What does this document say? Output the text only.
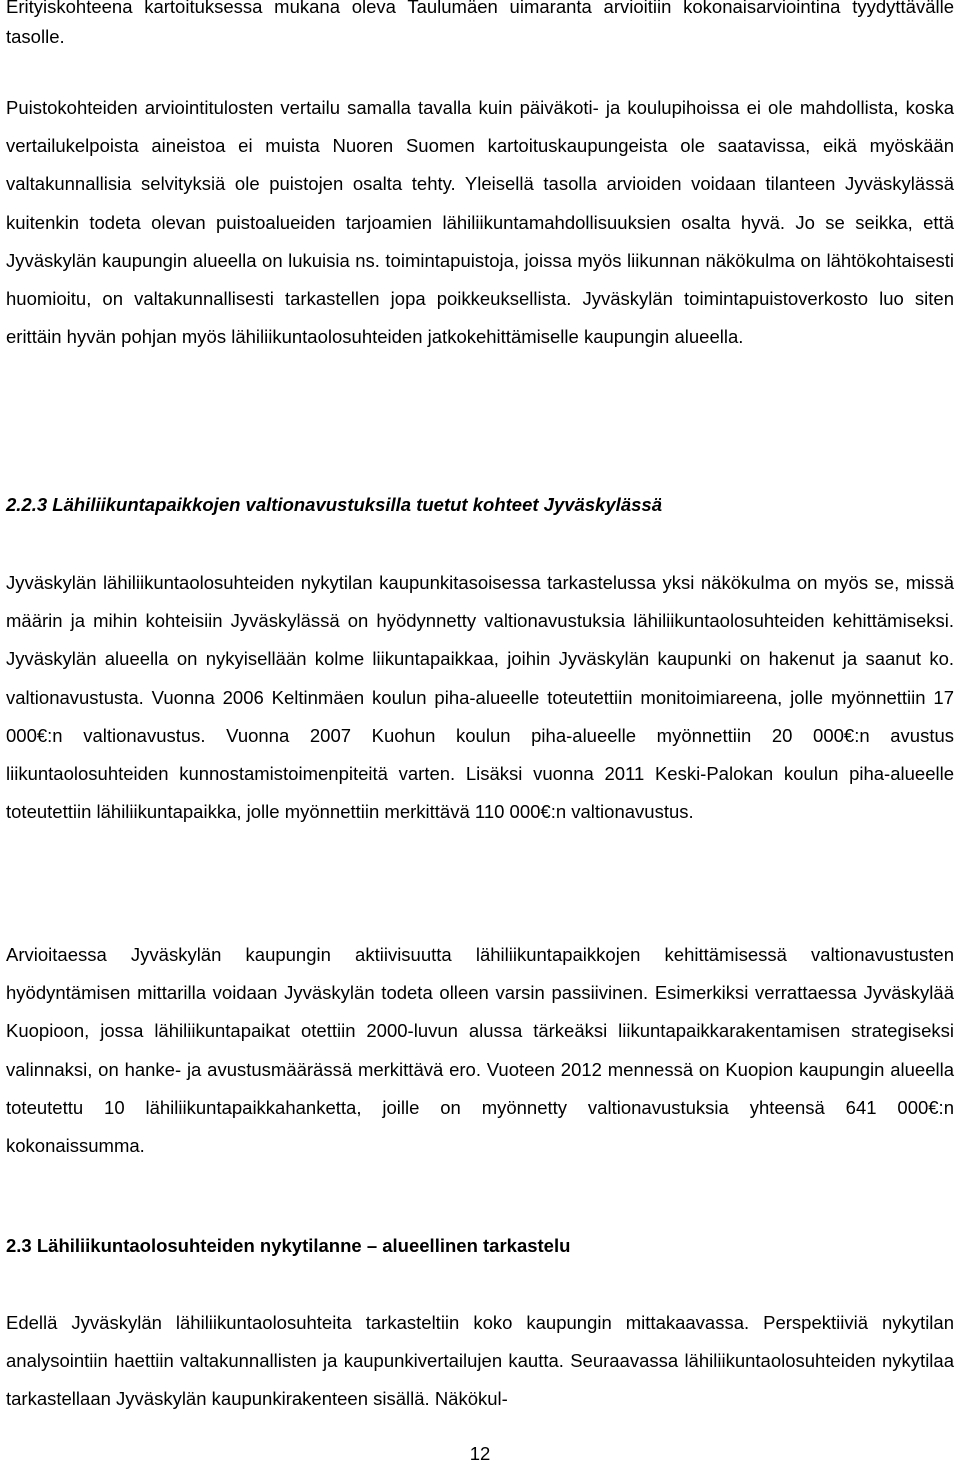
Erityiskohteena kartoituksessa mukana oleva Taulumäen uimaranta arvioitiin kokonaisarviointina tyydyttävälle tasolle.

Puistokohteiden arviointitulosten vertailu samalla tavalla kuin päiväkoti- ja koulupihoissa ei ole mahdollista, koska vertailukelpoista aineistoa ei muista Nuoren Suomen kartoituskaupungeista ole saatavissa, eikä myöskään valtakunnallisia selvityksiä ole puistojen osalta tehty. Yleisellä tasolla arvioiden voidaan tilanteen Jyväskylässä kuitenkin todeta olevan puistoalueiden tarjoamien lähiliikuntamahdollisuuksien osalta hyvä. Jo se seikka, että Jyväskylän kaupungin alueella on lukuisia ns. toimintapuistoja, joissa myös liikunnan näkökulma on lähtökohtaisesti huomioitu, on valtakunnallisesti tarkastellen jopa poikkeuksellista. Jyväskylän toimintapuistoverkosto luo siten erittäin hyvän pohjan myös lähiliikuntaolosuhteiden jatkokehittämiselle kaupungin alueella.

2.2.3 Lähiliikuntapaikkojen valtionavustuksilla tuetut kohteet Jyväskylässä

Jyväskylän lähiliikuntaolosuhteiden nykytilan kaupunkitasoisessa tarkastelussa yksi näkökulma on myös se, missä määrin ja mihin kohteisiin Jyväskylässä on hyödynnetty valtionavustuksia lähiliikuntaolosuhteiden kehittämiseksi. Jyväskylän alueella on nykyisellään kolme liikuntapaikkaa, joihin Jyväskylän kaupunki on hakenut ja saanut ko. valtionavustusta. Vuonna 2006 Keltinmäen koulun piha-alueelle toteutettiin monitoimiareena, jolle myönnettiin 17 000€:n valtionavustus. Vuonna 2007 Kuohun koulun piha-alueelle myönnettiin 20 000€:n avustus liikuntaolosuhteiden kunnostamistoimenpiteitä varten. Lisäksi vuonna 2011 Keski-Palokan koulun piha-alueelle toteutettiin lähiliikuntapaikka, jolle myönnettiin merkittävä 110 000€:n valtionavustus.

Arvioitaessa Jyväskylän kaupungin aktiivisuutta lähiliikuntapaikkojen kehittämisessä valtionavustusten hyödyntämisen mittarilla voidaan Jyväskylän todeta olleen varsin passiivinen. Esimerkiksi verrattaessa Jyväskylää Kuopioon, jossa lähiliikuntapaikat otettiin 2000-luvun alussa tärkeäksi liikuntapaikkarakentamisen strategiseksi valinnaksi, on hanke- ja avustusmäärässä merkittävä ero. Vuoteen 2012 mennessä on Kuopion kaupungin alueella toteutettu 10 lähiliikuntapaikkahanketta, joille on myönnetty valtionavustuksia yhteensä 641 000€:n kokonaissumma.

2.3 Lähiliikuntaolosuhteiden nykytilanne – alueellinen tarkastelu

Edellä Jyväskylän lähiliikuntaolosuhteita tarkasteltiin koko kaupungin mittakaavassa. Perspektiiviä nykytilan analysointiin haettiin valtakunnallisten ja kaupunkivertailujen kautta. Seuraavassa lähiliikuntaolosuhteiden nykytilaa tarkastellaan Jyväskylän kaupunkirakenteen sisällä. Näkökul-

12
